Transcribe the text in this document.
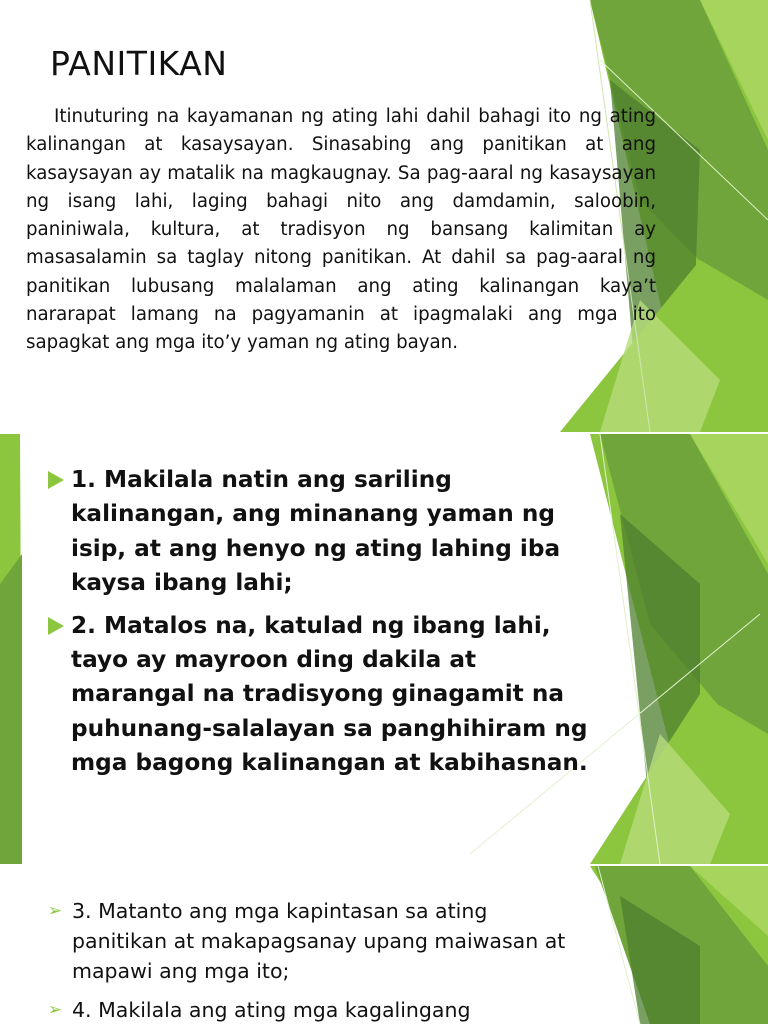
PANITIKAN

Itinuturing na kayamanan ng ating lahi dahil bahagi ito ng ating kalinangan at kasaysayan. Sinasabing ang panitikan at ang kasaysayan ay matalik na magkaugnay. Sa pag-aaral ng kasaysayan ng isang lahi, laging bahagi nito ang damdamin, saloobin, paniniwala, kultura, at tradisyon ng bansang kalimitan ay masasalamin sa taglay nitong panitikan. At dahil sa pag-aaral ng panitikan lubusang malalaman ang ating kalinangan kaya’t nararapat lamang na pagyamanin at ipagmalaki ang mga ito sapagkat ang mga ito’y yaman ng ating bayan.

1. Makilala natin ang sariling kalinangan, ang minanang yaman ng isip, at ang henyo ng ating lahing iba kaysa ibang lahi;
2. Matalos na, katulad ng ibang lahi, tayo ay mayroon ding dakila at marangal na tradisyong ginagamit na puhunang-salalayan sa panghihiram ng mga bagong kalinangan at kabihasnan.
➢ 3. Matanto ang mga kapintasan sa ating panitikan at makapagsanay upang maiwasan at mapawi ang mga ito;
➢ 4. Makilala ang ating mga kagalingang
